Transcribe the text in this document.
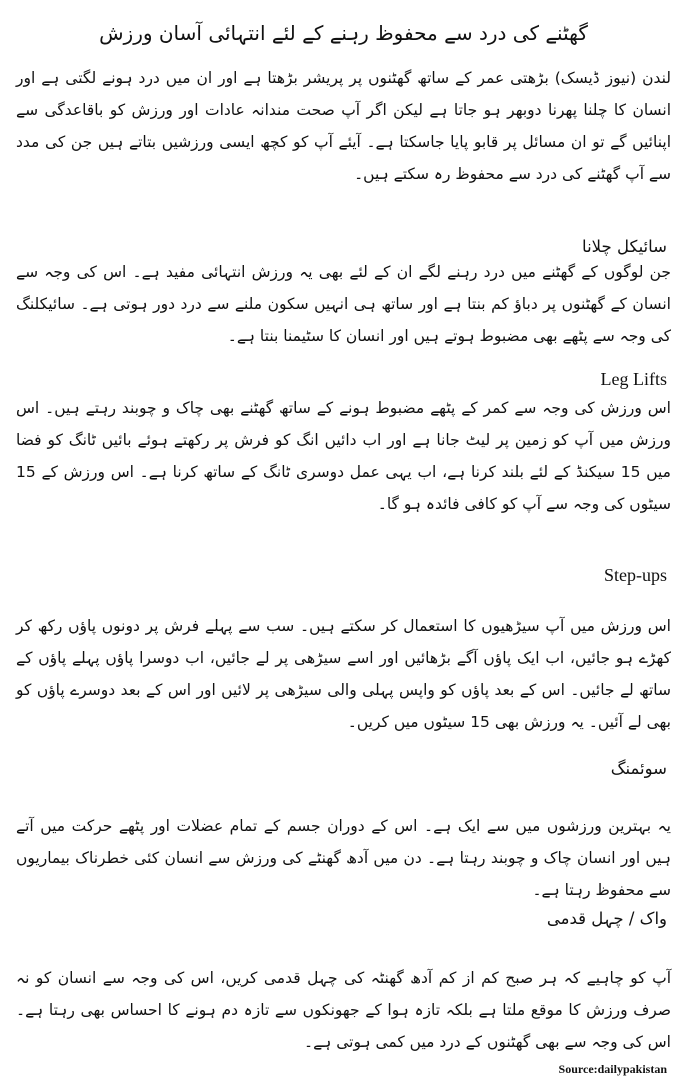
گھٹنے کی درد سے محفوظ رہنے کے لئے انتہائی آسان ورزش

لندن (نیوز ڈیسک) بڑھتی عمر کے ساتھ گھٹنوں پر پریشر بڑھتا ہے اور ان میں درد ہونے لگتی ہے اور انسان کا چلنا پھرنا دوبھر ہو جاتا ہے لیکن اگر آپ صحت مندانہ عادات اور ورزش کو باقاعدگی سے اپنائیں گے تو ان مسائل پر قابو پایا جاسکتا ہے۔ آیئے آپ کو کچھ ایسی ورزشیں بتاتے ہیں جن کی مدد سے آپ گھٹنے کی درد سے محفوظ رہ سکتے ہیں۔

سائیکل چلانا

جن لوگوں کے گھٹنے میں درد رہنے لگے ان کے لئے بھی یہ ورزش انتہائی مفید ہے۔ اس کی وجہ سے انسان کے گھٹنوں پر دباؤ کم بنتا ہے اور ساتھ ہی انہیں سکون ملنے سے درد دور ہوتی ہے۔ سائیکلنگ کی وجہ سے پٹھے بھی مضبوط ہوتے ہیں اور انسان کا سٹیمنا بنتا ہے۔

Leg Lifts

اس ورزش کی وجہ سے کمر کے پٹھے مضبوط ہونے کے ساتھ گھٹنے بھی چاک و چوبند رہتے ہیں۔ اس ورزش میں آپ کو زمین پر لیٹ جانا ہے اور اب دائیں انگ کو فرش پر رکھتے ہوئے بائیں ٹانگ کو فضا میں 15 سیکنڈ کے لئے بلند کرنا ہے، اب یہی عمل دوسری ٹانگ کے ساتھ کرنا ہے۔ اس ورزش کے 15 سیٹوں کی وجہ سے آپ کو کافی فائدہ ہو گا۔

Step-ups

اس ورزش میں آپ سیڑھیوں کا استعمال کر سکتے ہیں۔ سب سے پہلے فرش پر دونوں پاؤں رکھ کر کھڑے ہو جائیں، اب ایک پاؤں آگے بڑھائیں اور اسے سیڑھی پر لے جائیں، اب دوسرا پاؤں پہلے پاؤں کے ساتھ لے جائیں۔ اس کے بعد پاؤں کو واپس پہلی والی سیڑھی پر لائیں اور اس کے بعد دوسرے پاؤں کو بھی لے آئیں۔ یہ ورزش بھی 15 سیٹوں میں کریں۔

سوئمنگ

یہ بہترین ورزشوں میں سے ایک ہے۔ اس کے دوران جسم کے تمام عضلات اور پٹھے حرکت میں آتے ہیں اور انسان چاک و چوبند رہتا ہے۔ دن میں آدھ گھنٹے کی ورزش سے انسان کئی خطرناک بیماریوں سے محفوظ رہتا ہے۔

واک / چہل قدمی

آپ کو چاہیے کہ ہر صبح کم از کم آدھ گھنٹہ کی چہل قدمی کریں، اس کی وجہ سے انسان کو نہ صرف ورزش کا موقع ملتا ہے بلکہ تازہ ہوا کے جھونکوں سے تازہ دم ہونے کا احساس بھی رہتا ہے۔ اس کی وجہ سے بھی گھٹنوں کے درد میں کمی ہوتی ہے۔

Source:dailypakistan
